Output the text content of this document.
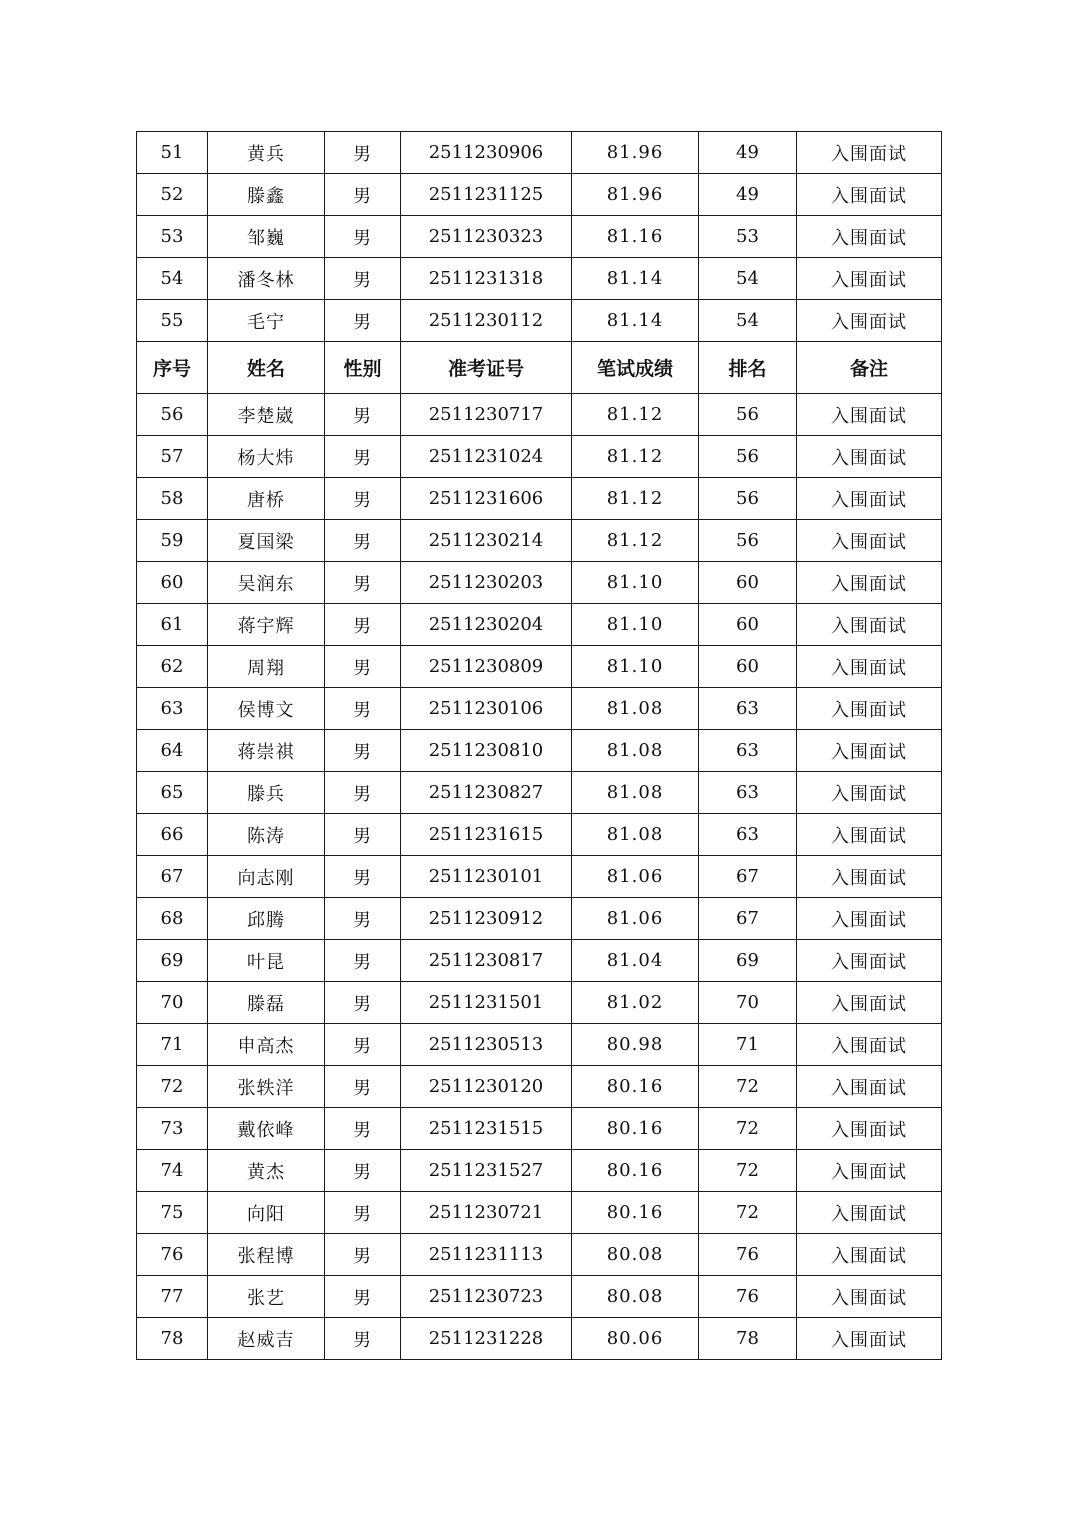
51	黄兵	男	2511230906	81.96	49	入围面试
52	滕鑫	男	2511231125	81.96	49	入围面试
53	邹巍	男	2511230323	81.16	53	入围面试
54	潘冬林	男	2511231318	81.14	54	入围面试
55	毛宁	男	2511230112	81.14	54	入围面试
序号	姓名	性别	准考证号	笔试成绩	排名	备注
56	李楚崴	男	2511230717	81.12	56	入围面试
57	杨大炜	男	2511231024	81.12	56	入围面试
58	唐桥	男	2511231606	81.12	56	入围面试
59	夏国梁	男	2511230214	81.12	56	入围面试
60	吴润东	男	2511230203	81.10	60	入围面试
61	蒋宇辉	男	2511230204	81.10	60	入围面试
62	周翔	男	2511230809	81.10	60	入围面试
63	侯博文	男	2511230106	81.08	63	入围面试
64	蒋崇祺	男	2511230810	81.08	63	入围面试
65	滕兵	男	2511230827	81.08	63	入围面试
66	陈涛	男	2511231615	81.08	63	入围面试
67	向志刚	男	2511230101	81.06	67	入围面试
68	邱腾	男	2511230912	81.06	67	入围面试
69	叶昆	男	2511230817	81.04	69	入围面试
70	滕磊	男	2511231501	81.02	70	入围面试
71	申高杰	男	2511230513	80.98	71	入围面试
72	张轶洋	男	2511230120	80.16	72	入围面试
73	戴依峰	男	2511231515	80.16	72	入围面试
74	黄杰	男	2511231527	80.16	72	入围面试
75	向阳	男	2511230721	80.16	72	入围面试
76	张程博	男	2511231113	80.08	76	入围面试
77	张艺	男	2511230723	80.08	76	入围面试
78	赵威吉	男	2511231228	80.06	78	入围面试
